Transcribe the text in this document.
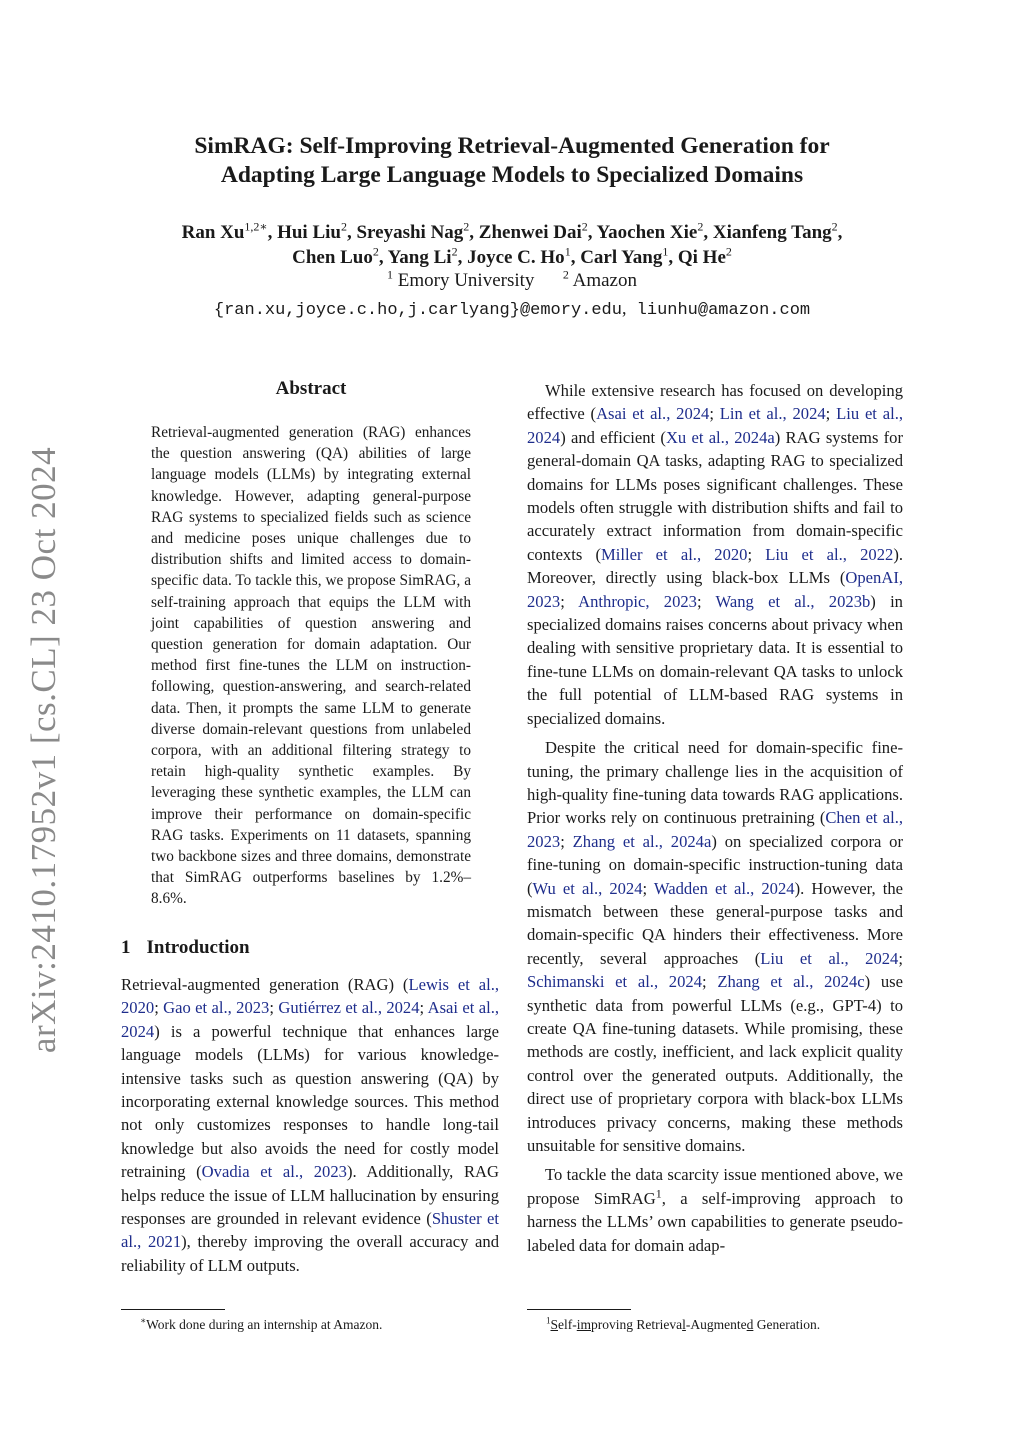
arXiv:2410.17952v1 [cs.CL] 23 Oct 2024
SimRAG: Self-Improving Retrieval-Augmented Generation for
Adapting Large Language Models to Specialized Domains
Ran $Xu^{1,2∗}$, Hui Liu$^2$, Sreyashi Nag$^2$, Zhenwei Dai$^2$, Yaochen Xie$^2$, Xianfeng Tang$^2$,
Chen Luo$^2$, Yang Li$^2$, Joyce C. Ho$^1$, Carl Yang$^1$, Qi He$^2$
$^1$ Emory University $^2$ Amazon
{ran.xu,joyce.c.ho,j.carlyang}@emory.edu, liunhu@amazon.com
Abstract
Retrieval-augmented generation (RAG) enhances the question answering (QA) abilities of large language models (LLMs) by integrating external knowledge. However, adapting general-purpose RAG systems to specialized fields such as science and medicine poses unique challenges due to distribution shifts and limited access to domain-specific data. To tackle this, we propose SimRAG, a self-training approach that equips the LLM with joint capabilities of question answering and question generation for domain adaptation. Our method first fine-tunes the LLM on instruction-following, question-answering, and search-related data. Then, it prompts the same LLM to generate diverse domain-relevant questions from unlabeled corpora, with an additional filtering strategy to retain high-quality synthetic examples. By leveraging these synthetic examples, the LLM can improve their performance on domain-specific RAG tasks. Experiments on 11 datasets, spanning two backbone sizes and three domains, demonstrate that SimRAG outperforms baselines by 1.2%–8.6%.
1 Introduction

Retrieval-augmented generation (RAG) (Lewis et al., 2020; Gao et al., 2023; Gutiérrez et al., 2024; Asai et al., 2024) is a powerful technique that enhances large language models (LLMs) for various knowledge-intensive tasks such as question answering (QA) by incorporating external knowledge sources. This method not only customizes responses to handle long-tail knowledge but also avoids the need for costly model retraining (Ovadia et al., 2023). Additionally, RAG helps reduce the issue of LLM hallucination by ensuring responses are grounded in relevant evidence (Shuster et al., 2021), thereby improving the overall accuracy and reliability of LLM outputs.

While extensive research has focused on developing effective (Asai et al., 2024; Lin et al., 2024; Liu et al., 2024) and efficient (Xu et al., 2024a) RAG systems for general-domain QA tasks, adapting RAG to specialized domains for LLMs poses significant challenges. These models often struggle with distribution shifts and fail to accurately extract information from domain-specific contexts (Miller et al., 2020; Liu et al., 2022). Moreover, directly using black-box LLMs (OpenAI, 2023; Anthropic, 2023; Wang et al., 2023b) in specialized domains raises concerns about privacy when dealing with sensitive proprietary data. It is essential to fine-tune LLMs on domain-relevant QA tasks to unlock the full potential of LLM-based RAG systems in specialized domains.

Despite the critical need for domain-specific fine-tuning, the primary challenge lies in the acquisition of high-quality fine-tuning data towards RAG applications. Prior works rely on continuous pretraining (Chen et al., 2023; Zhang et al., 2024a) on specialized corpora or fine-tuning on domain-specific instruction-tuning data (Wu et al., 2024; Wadden et al., 2024). However, the mismatch between these general-purpose tasks and domain-specific QA hinders their effectiveness. More recently, several approaches (Liu et al., 2024; Schimanski et al., 2024; Zhang et al., 2024c) use synthetic data from powerful LLMs (e.g., GPT-4) to create QA fine-tuning datasets. While promising, these methods are costly, inefficient, and lack explicit quality control over the generated outputs. Additionally, the direct use of proprietary corpora with black-box LLMs introduces privacy concerns, making these methods unsuitable for sensitive domains.

To tackle the data scarcity issue mentioned above, we propose SimRAG$^1$, a self-improving approach to harness the LLMs’ own capabilities to generate pseudo-labeled data for domain adap-

∗Work done during an internship at Amazon.	$^1$Self-improving Retrieval-Augmented Generation.
